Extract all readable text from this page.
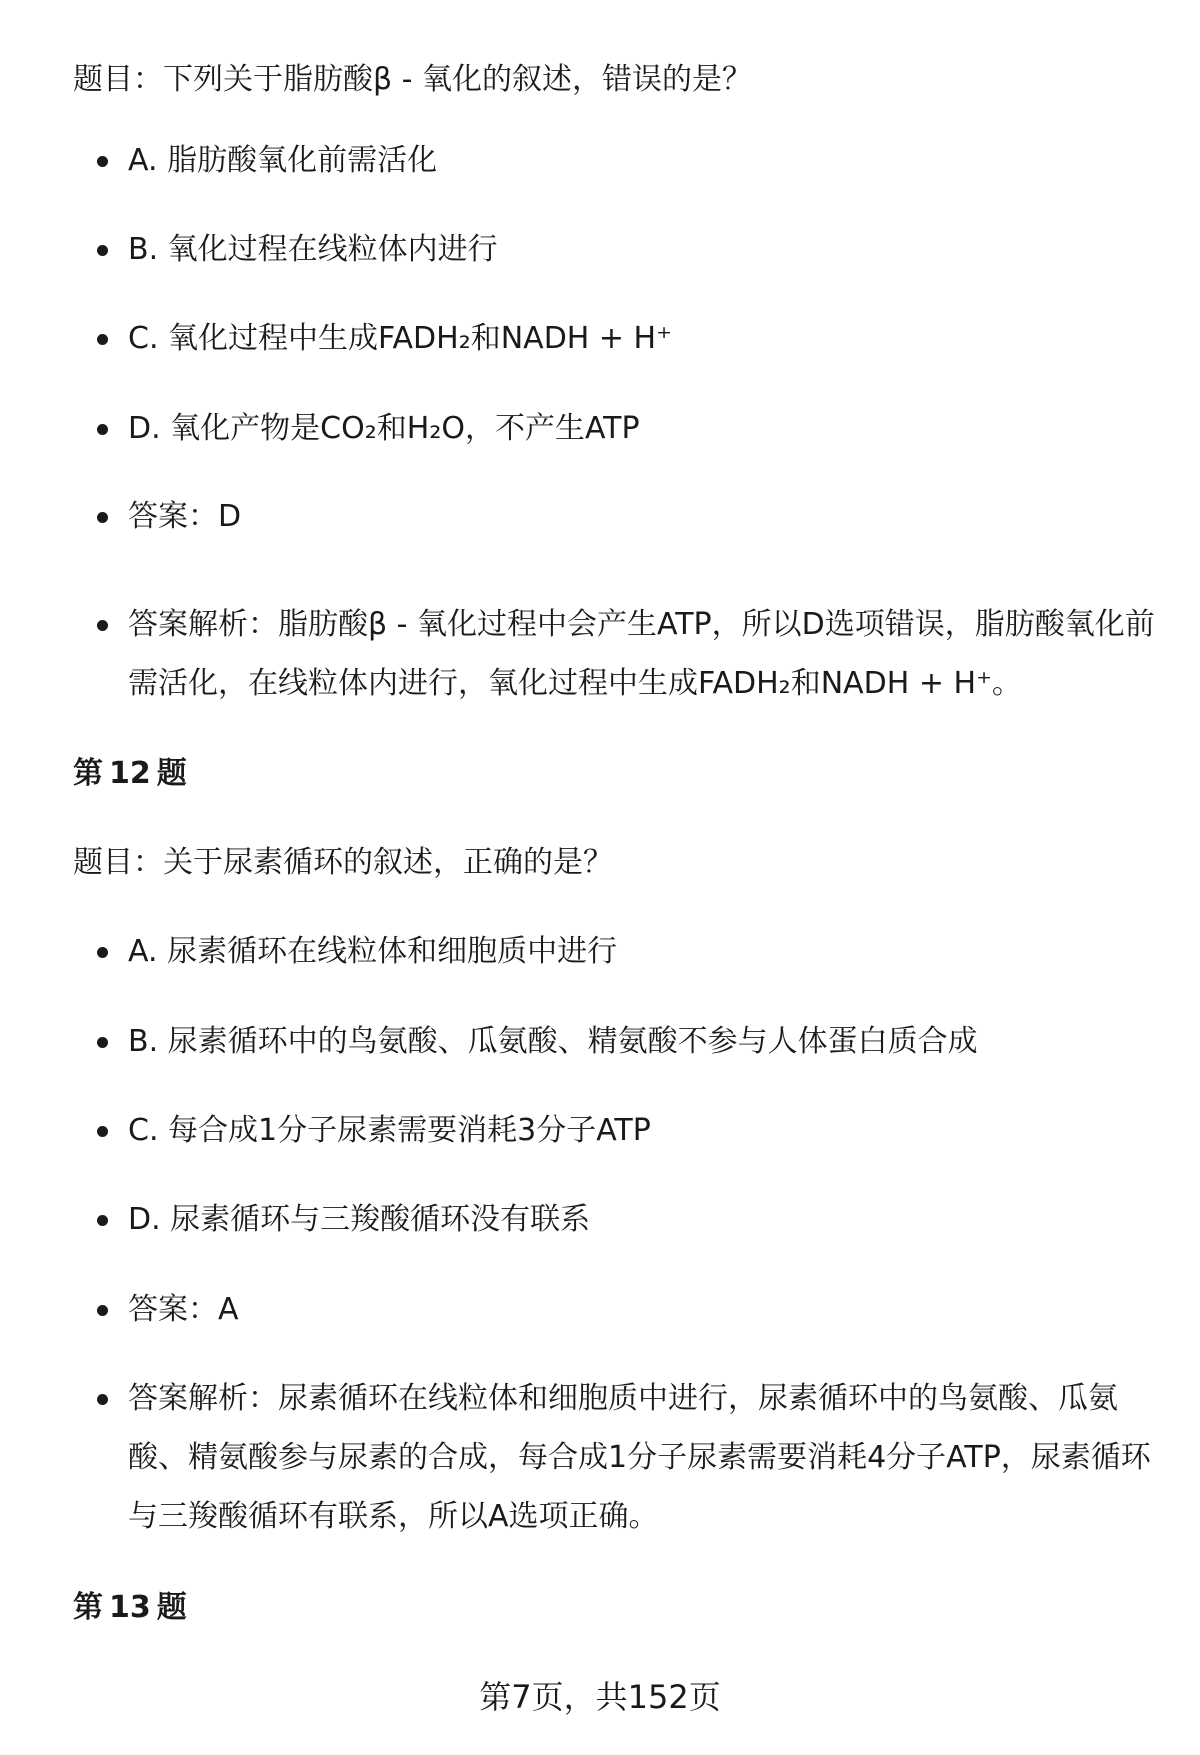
题目：下列关于脂肪酸β - 氧化的叙述，错误的是？

A. 脂肪酸氧化前需活化
B. 氧化过程在线粒体内进行
C. 氧化过程中生成FADH₂和NADH + H⁺
D. 氧化产物是CO₂和H₂O，不产生ATP
答案：D
答案解析：脂肪酸β - 氧化过程中会产生ATP，所以D选项错误，脂肪酸氧化前需活化，在线粒体内进行，氧化过程中生成FADH₂和NADH + H⁺。

第 12 题

题目：关于尿素循环的叙述，正确的是？

A. 尿素循环在线粒体和细胞质中进行
B. 尿素循环中的鸟氨酸、瓜氨酸、精氨酸不参与人体蛋白质合成
C. 每合成1分子尿素需要消耗3分子ATP
D. 尿素循环与三羧酸循环没有联系
答案：A
答案解析：尿素循环在线粒体和细胞质中进行，尿素循环中的鸟氨酸、瓜氨酸、精氨酸参与尿素的合成，每合成1分子尿素需要消耗4分子ATP，尿素循环与三羧酸循环有联系，所以A选项正确。

第 13 题

第7页，共152页
